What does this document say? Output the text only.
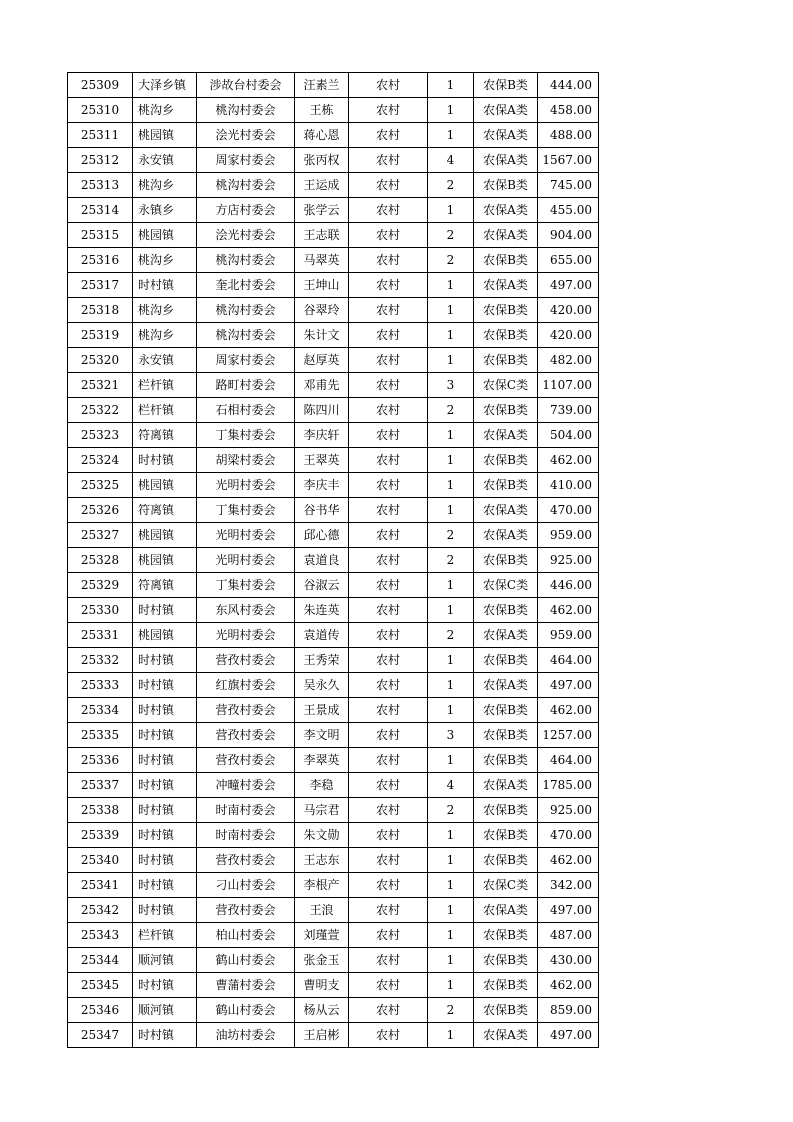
25309	大泽乡镇	涉故台村委会	汪素兰	农村	1	农保B类	444.00
25310	桃沟乡	桃沟村委会	王栋	农村	1	农保A类	458.00
25311	桃园镇	浍光村委会	蒋心恩	农村	1	农保A类	488.00
25312	永安镇	周家村委会	张丙权	农村	4	农保A类	1567.00
25313	桃沟乡	桃沟村委会	王运成	农村	2	农保B类	745.00
25314	永镇乡	方店村委会	张学云	农村	1	农保A类	455.00
25315	桃园镇	浍光村委会	王志联	农村	2	农保A类	904.00
25316	桃沟乡	桃沟村委会	马翠英	农村	2	农保B类	655.00
25317	时村镇	奎北村委会	王坤山	农村	1	农保A类	497.00
25318	桃沟乡	桃沟村委会	谷翠玲	农村	1	农保B类	420.00
25319	桃沟乡	桃沟村委会	朱计文	农村	1	农保B类	420.00
25320	永安镇	周家村委会	赵厚英	农村	1	农保B类	482.00
25321	栏杆镇	路町村委会	邓甫先	农村	3	农保C类	1107.00
25322	栏杆镇	石相村委会	陈四川	农村	2	农保B类	739.00
25323	符离镇	丁集村委会	李庆轩	农村	1	农保A类	504.00
25324	时村镇	胡梁村委会	王翠英	农村	1	农保B类	462.00
25325	桃园镇	光明村委会	李庆丰	农村	1	农保B类	410.00
25326	符离镇	丁集村委会	谷书华	农村	1	农保A类	470.00
25327	桃园镇	光明村委会	邱心德	农村	2	农保A类	959.00
25328	桃园镇	光明村委会	袁道良	农村	2	农保B类	925.00
25329	符离镇	丁集村委会	谷淑云	农村	1	农保C类	446.00
25330	时村镇	东风村委会	朱连英	农村	1	农保B类	462.00
25331	桃园镇	光明村委会	袁道传	农村	2	农保A类	959.00
25332	时村镇	营孜村委会	王秀荣	农村	1	农保B类	464.00
25333	时村镇	红旗村委会	吴永久	农村	1	农保A类	497.00
25334	时村镇	营孜村委会	王景成	农村	1	农保B类	462.00
25335	时村镇	营孜村委会	李文明	农村	3	农保B类	1257.00
25336	时村镇	营孜村委会	李翠英	农村	1	农保B类	464.00
25337	时村镇	冲疃村委会	李稳	农村	4	农保A类	1785.00
25338	时村镇	时南村委会	马宗君	农村	2	农保B类	925.00
25339	时村镇	时南村委会	朱文勋	农村	1	农保B类	470.00
25340	时村镇	营孜村委会	王志东	农村	1	农保B类	462.00
25341	时村镇	刁山村委会	李根产	农村	1	农保C类	342.00
25342	时村镇	营孜村委会	王浪	农村	1	农保A类	497.00
25343	栏杆镇	柏山村委会	刘瑾萱	农村	1	农保B类	487.00
25344	顺河镇	鹤山村委会	张金玉	农村	1	农保B类	430.00
25345	时村镇	曹蒲村委会	曹明支	农村	1	农保B类	462.00
25346	顺河镇	鹤山村委会	杨从云	农村	2	农保B类	859.00
25347	时村镇	油坊村委会	王启彬	农村	1	农保A类	497.00
